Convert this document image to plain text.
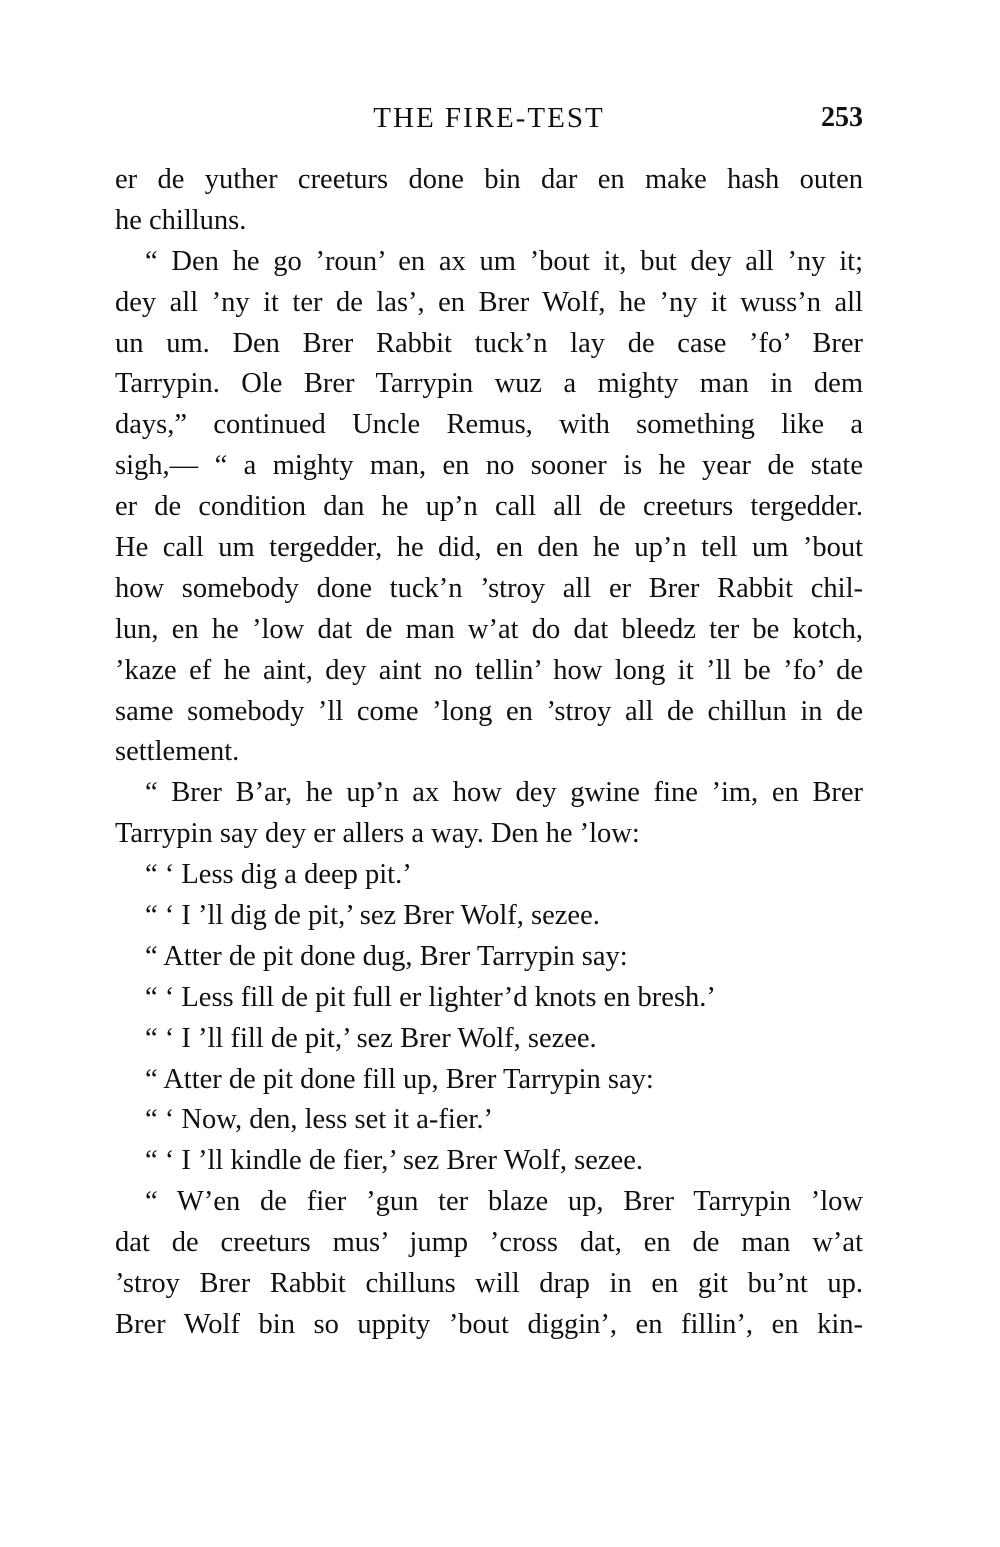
THE FIRE-TEST	253
er de yuther creeturs done bin dar en make hash outen
he chilluns.
“ Den he go ’roun’ en ax um ’bout it, but dey all ’ny it;
dey all ’ny it ter de las’, en Brer Wolf, he ’ny it wuss’n all
un um. Den Brer Rabbit tuck’n lay de case ’fo’ Brer
Tarrypin. Ole Brer Tarrypin wuz a mighty man in dem
days,” continued Uncle Remus, with something like a
sigh,— “ a mighty man, en no sooner is he year de state
er de condition dan he up’n call all de creeturs tergedder.
He call um tergedder, he did, en den he up’n tell um ’bout
how somebody done tuck’n ’stroy all er Brer Rabbit chil-
lun, en he ’low dat de man w’at do dat bleedz ter be kotch,
’kaze ef he aint, dey aint no tellin’ how long it ’ll be ’fo’ de
same somebody ’ll come ’long en ’stroy all de chillun in de
settlement.
“ Brer B’ar, he up’n ax how dey gwine fine ’im, en Brer
Tarrypin say dey er allers a way. Den he ’low:
“ ‘ Less dig a deep pit.’
“ ‘ I ’ll dig de pit,’ sez Brer Wolf, sezee.
“ Atter de pit done dug, Brer Tarrypin say:
“ ‘ Less fill de pit full er lighter’d knots en bresh.’
“ ‘ I ’ll fill de pit,’ sez Brer Wolf, sezee.
“ Atter de pit done fill up, Brer Tarrypin say:
“ ‘ Now, den, less set it a-fier.’
“ ‘ I ’ll kindle de fier,’ sez Brer Wolf, sezee.
“ W’en de fier ’gun ter blaze up, Brer Tarrypin ’low
dat de creeturs mus’ jump ’cross dat, en de man w’at
’stroy Brer Rabbit chilluns will drap in en git bu’nt up.
Brer Wolf bin so uppity ’bout diggin’, en fillin’, en kin-
